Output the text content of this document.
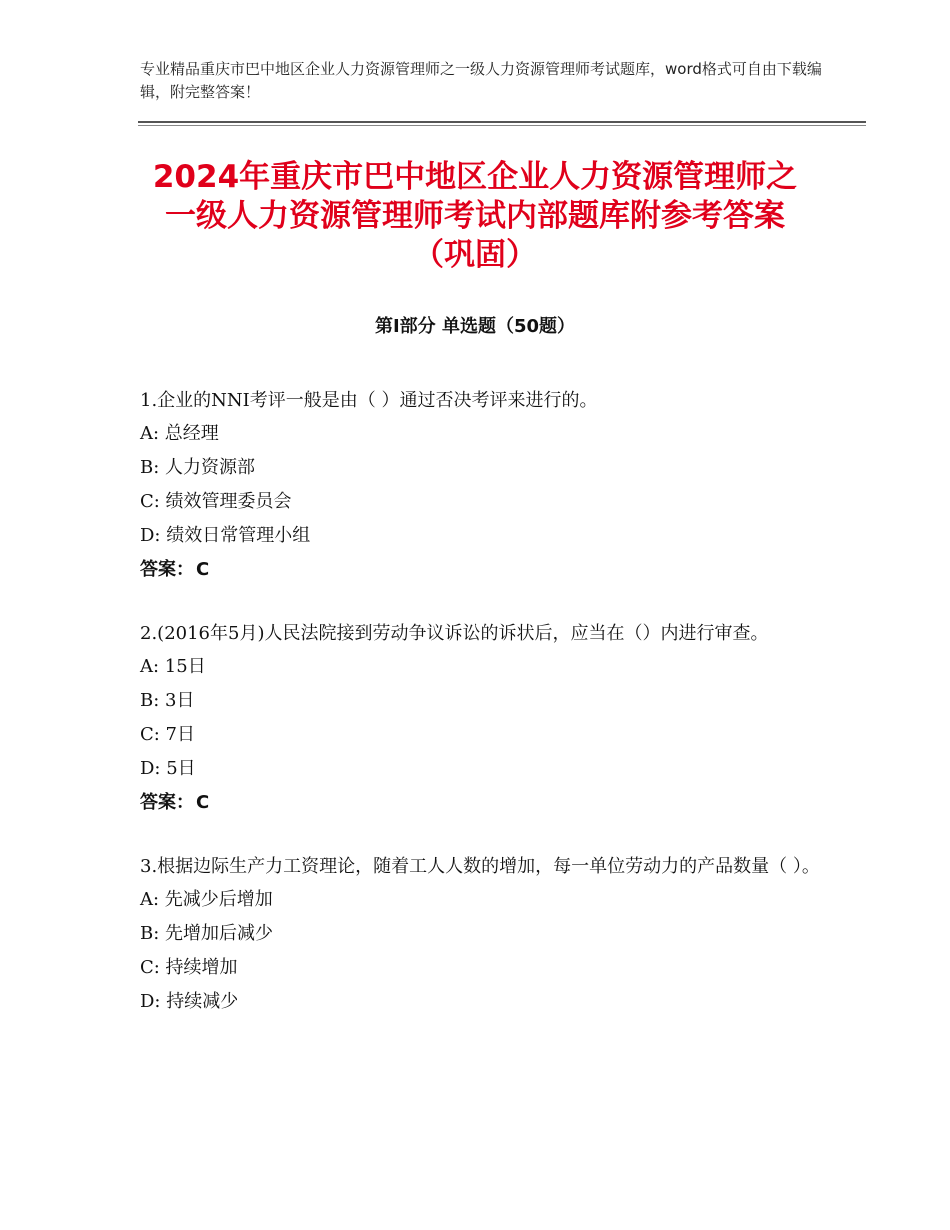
专业精品重庆市巴中地区企业人力资源管理师之一级人力资源管理师考试题库，word格式可自由下载编辑，附完整答案！
2024年重庆市巴中地区企业人力资源管理师之一级人力资源管理师考试内部题库附参考答案（巩固）
第Ⅰ部分 单选题（50题）
1.企业的NNI考评一般是由（ ）通过否决考评来进行的。
A: 总经理
B: 人力资源部
C: 绩效管理委员会
D: 绩效日常管理小组
答案： C
2.(2016年5月)人民法院接到劳动争议诉讼的诉状后，应当在（）内进行审查。
A: 15日
B: 3日
C: 7日
D: 5日
答案： C
3.根据边际生产力工资理论，随着工人人数的增加，每一单位劳动力的产品数量（ ）。
A: 先减少后增加
B: 先增加后减少
C: 持续增加
D: 持续减少
